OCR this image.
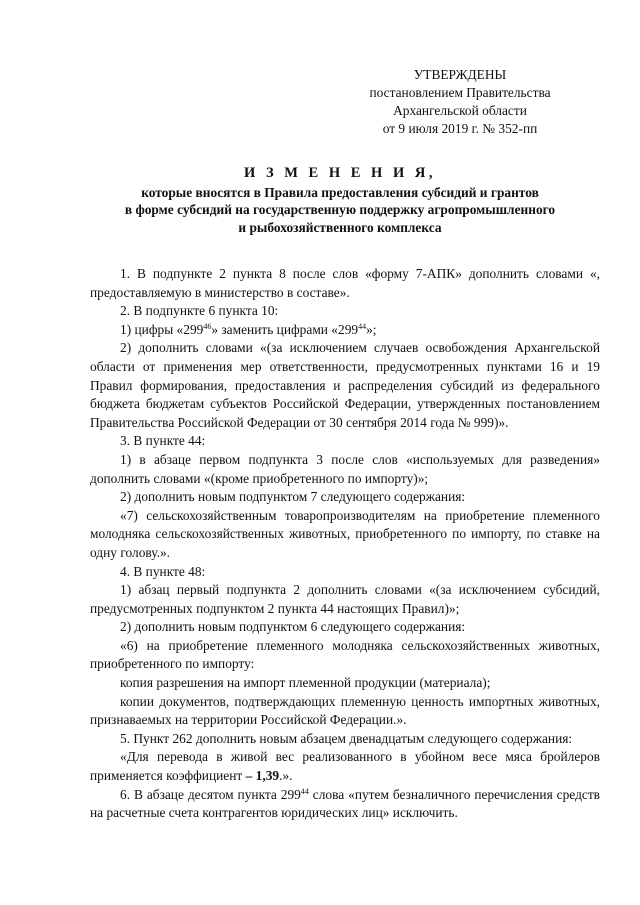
УТВЕРЖДЕНЫ
постановлением Правительства
Архангельской области
от 9 июля 2019 г. № 352-пп
И З М Е Н Е Н И Я,
которые вносятся в Правила предоставления субсидий и грантов
в форме субсидий на государственную поддержку агропромышленного
и рыбохозяйственного комплекса

1. В подпункте 2 пункта 8 после слов «форму 7-АПК» дополнить словами «, предоставляемую в министерство в составе».

2. В подпункте 6 пункта 10:

1) цифры «$299^{46}$» заменить цифрами «$299^{44}$»;

2) дополнить словами «(за исключением случаев освобождения Архангельской области от применения мер ответственности, предусмотренных пунктами 16 и 19 Правил формирования, предоставления и распределения субсидий из федерального бюджета бюджетам субъектов Российской Федерации, утвержденных постановлением Правительства Российской Федерации от 30 сентября 2014 года № 999)».

3. В пункте 44:

1) в абзаце первом подпункта 3 после слов «используемых для разведения» дополнить словами «(кроме приобретенного по импорту)»;

2) дополнить новым подпунктом 7 следующего содержания:

«7) сельскохозяйственным товаропроизводителям на приобретение племенного молодняка сельскохозяйственных животных, приобретенного по импорту, по ставке на одну голову.».

4. В пункте 48:

1) абзац первый подпункта 2 дополнить словами «(за исключением субсидий, предусмотренных подпунктом 2 пункта 44 настоящих Правил)»;

2) дополнить новым подпунктом 6 следующего содержания:

«6) на приобретение племенного молодняка сельскохозяйственных животных, приобретенного по импорту:

копия разрешения на импорт племенной продукции (материала);

копии документов, подтверждающих племенную ценность импортных животных, признаваемых на территории Российской Федерации.».

5. Пункт 262 дополнить новым абзацем двенадцатым следующего содержания:

«Для перевода в живой вес реализованного в убойном весе мяса бройлеров применяется коэффициент – 1,39.».

6. В абзаце десятом пункта $299^{44}$ слова «путем безналичного перечисления средств на расчетные счета контрагентов юридических лиц» исключить.
